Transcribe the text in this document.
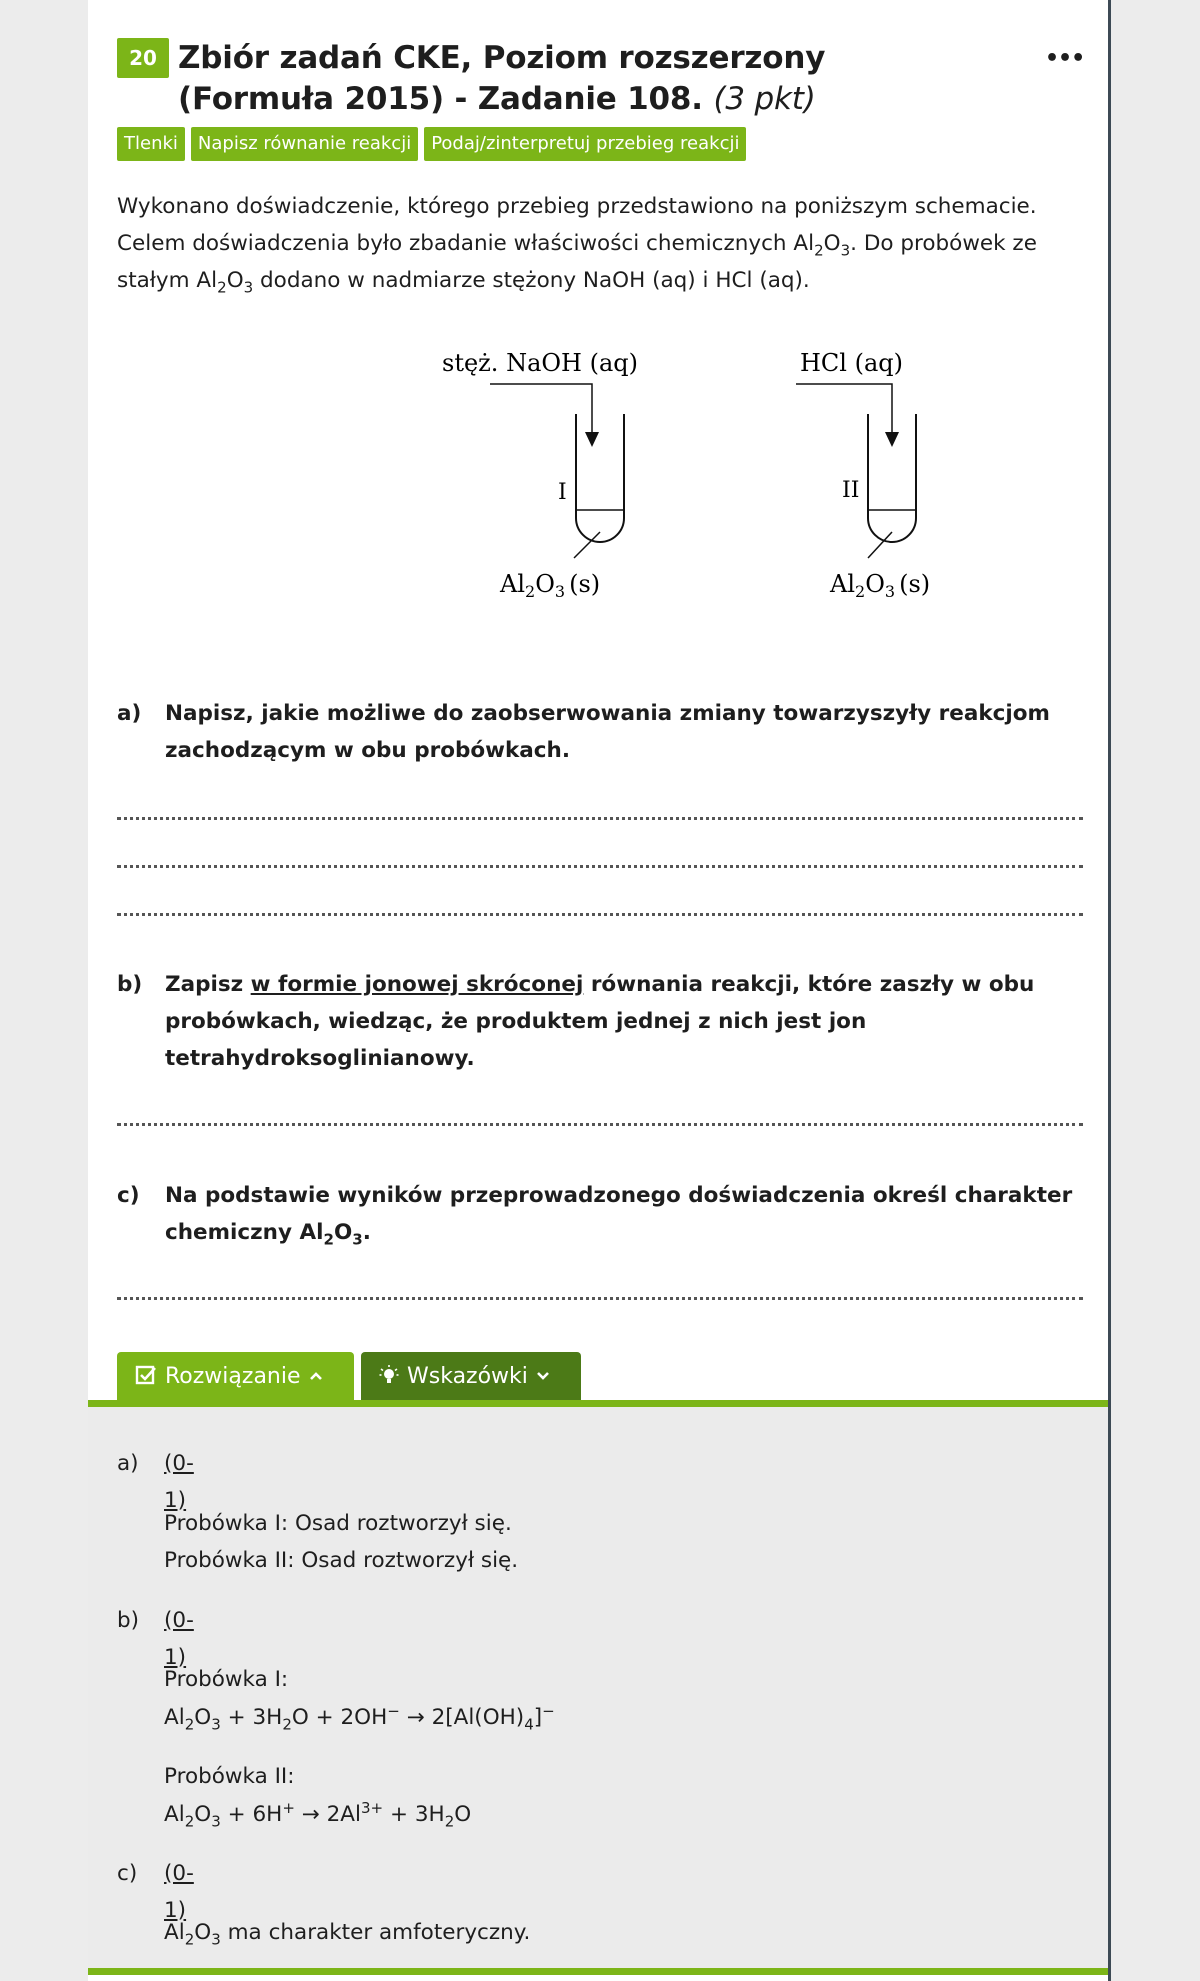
20 Zbiór zadań CKE, Poziom rozszerzony (Formuła 2015) - Zadanie 108. (3 pkt)
•••
Tlenki	Napisz równanie reakcji	Podaj/zinterpretuj przebieg reakcji

Wykonano doświadczenie, którego przebieg przedstawiono na poniższym schemacie.
Celem doświadczenia było zbadanie właściwości chemicznych $Al_2O_3$. Do probówek ze
stałym $Al_2O_3$ dodano w nadmiarze stężony NaOH (aq) i HCl (aq).

stęż. NaOH (aq)
I
$Al_2O_3$ (s)
HCl (aq)
II
$Al_2O_3$ (s)
a) Napisz, jakie możliwe do zaobserwowania zmiany towarzyszyły reakcjom zachodzącym w obu probówkach.
b) Zapisz w formie jonowej skróconej równania reakcji, które zaszły w obu probówkach, wiedząc, że produktem jednej z nich jest jon tetrahydroksoglinianowy.
c) Na podstawie wyników przeprowadzonego doświadczenia określ charakter chemiczny $Al_2O_3$.
Rozwiązanie	Wskazówki
a) (0-1)
Probówka I: Osad roztworzył się.
Probówka II: Osad roztworzył się.
b) (0-1)
Probówka I:
$Al_2O_3 + 3H_2O + 2OH^- \to 2[Al(OH)_4]^-$
Probówka II:
$Al_2O_3 + 6H^+ \to 2Al^{3+} + 3H_2O$
c) (0-1)
$Al_2O_3$ ma charakter amfoteryczny.
